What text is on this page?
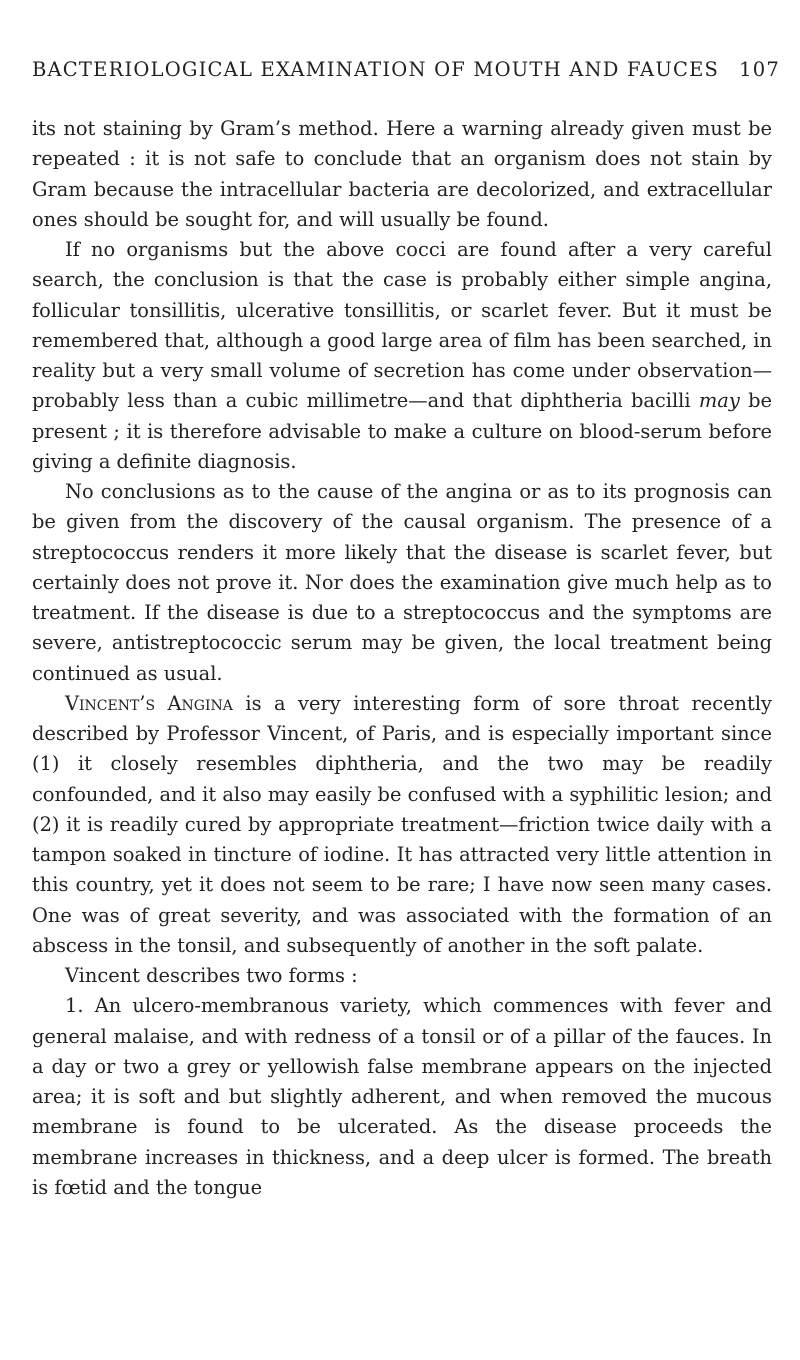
BACTERIOLOGICAL EXAMINATION OF MOUTH AND FAUCES 107

its not staining by Gram’s method. Here a warning already given must be repeated : it is not safe to conclude that an organism does not stain by Gram because the intracellular bacteria are decolorized, and extracellular ones should be sought for, and will usually be found.

If no organisms but the above cocci are found after a very careful search, the conclusion is that the case is probably either simple angina, follicular tonsillitis, ulcerative tonsillitis, or scarlet fever. But it must be remembered that, although a good large area of film has been searched, in reality but a very small volume of secretion has come under observation—probably less than a cubic millimetre—and that diphtheria bacilli may be present ; it is therefore advisable to make a culture on blood-serum before giving a definite diagnosis.

No conclusions as to the cause of the angina or as to its prognosis can be given from the discovery of the causal organism. The presence of a streptococcus renders it more likely that the disease is scarlet fever, but certainly does not prove it. Nor does the examination give much help as to treatment. If the disease is due to a streptococcus and the symptoms are severe, antistreptococcic serum may be given, the local treatment being continued as usual.

Vincent’s Angina is a very interesting form of sore throat recently described by Professor Vincent, of Paris, and is especially important since (1) it closely resembles diphtheria, and the two may be readily confounded, and it also may easily be confused with a syphilitic lesion; and (2) it is readily cured by appropriate treatment—friction twice daily with a tampon soaked in tincture of iodine. It has attracted very little attention in this country, yet it does not seem to be rare; I have now seen many cases. One was of great severity, and was associated with the formation of an abscess in the tonsil, and subsequently of another in the soft palate.

Vincent describes two forms :

1. An ulcero-membranous variety, which commences with fever and general malaise, and with redness of a tonsil or of a pillar of the fauces. In a day or two a grey or yellowish false membrane appears on the injected area; it is soft and but slightly adherent, and when removed the mucous membrane is found to be ulcerated. As the disease proceeds the membrane increases in thickness, and a deep ulcer is formed. The breath is fœtid and the tongue
